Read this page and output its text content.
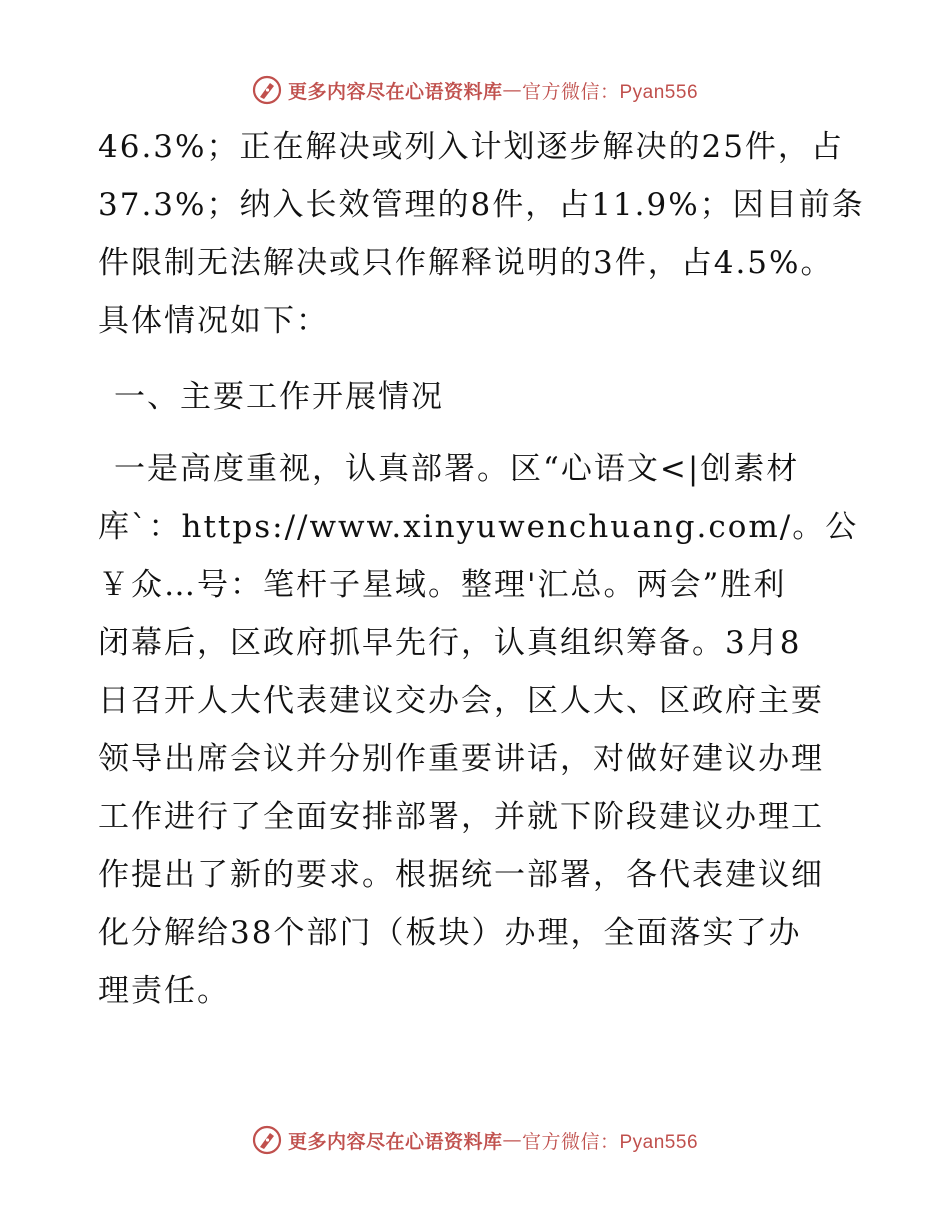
更多内容尽在心语资料库 — 官方微信：Pyan556
46.3%；正在解决或列入计划逐步解决的25件，占
37.3%；纳入长效管理的8件，占11.9%；因目前条
件限制无法解决或只作解释说明的3件，占4.5%。
具体情况如下：
一、主要工作开展情况
一是高度重视，认真部署。区“心语文<|创素材
库`：https://www.xinyuwenchuang.com/。公
￥众…号：笔杆子星域。整理'汇总。两会”胜利
闭幕后，区政府抓早先行，认真组织筹备。3月8
日召开人大代表建议交办会，区人大、区政府主要
领导出席会议并分别作重要讲话，对做好建议办理
工作进行了全面安排部署，并就下阶段建议办理工
作提出了新的要求。根据统一部署，各代表建议细
化分解给38个部门（板块）办理，全面落实了办
理责任。
更多内容尽在心语资料库 — 官方微信：Pyan556
